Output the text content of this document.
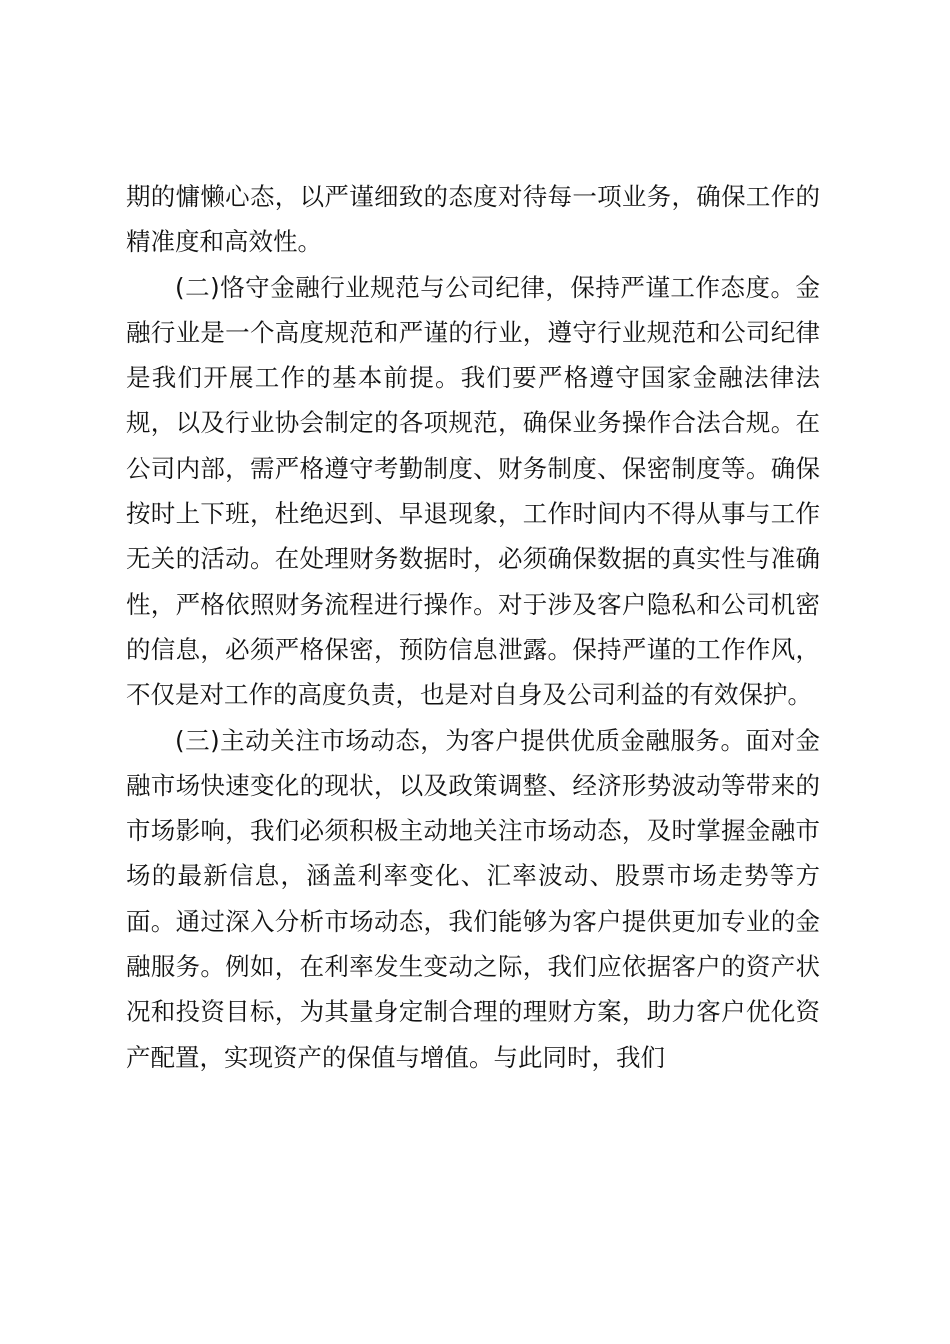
期的慵懒心态，以严谨细致的态度对待每一项业务，确保工作的精准度和高效性。

(二)恪守金融行业规范与公司纪律，保持严谨工作态度。金融行业是一个高度规范和严谨的行业，遵守行业规范和公司纪律是我们开展工作的基本前提。我们要严格遵守国家金融法律法规，以及行业协会制定的各项规范，确保业务操作合法合规。在公司内部，需严格遵守考勤制度、财务制度、保密制度等。确保按时上下班，杜绝迟到、早退现象，工作时间内不得从事与工作无关的活动。在处理财务数据时，必须确保数据的真实性与准确性，严格依照财务流程进行操作。对于涉及客户隐私和公司机密的信息，必须严格保密，预防信息泄露。保持严谨的工作作风，不仅是对工作的高度负责，也是对自身及公司利益的有效保护。

(三)主动关注市场动态，为客户提供优质金融服务。面对金融市场快速变化的现状，以及政策调整、经济形势波动等带来的市场影响，我们必须积极主动地关注市场动态，及时掌握金融市场的最新信息，涵盖利率变化、汇率波动、股票市场走势等方面。通过深入分析市场动态，我们能够为客户提供更加专业的金融服务。例如，在利率发生变动之际，我们应依据客户的资产状况和投资目标，为其量身定制合理的理财方案，助力客户优化资产配置，实现资产的保值与增值。与此同时，我们
